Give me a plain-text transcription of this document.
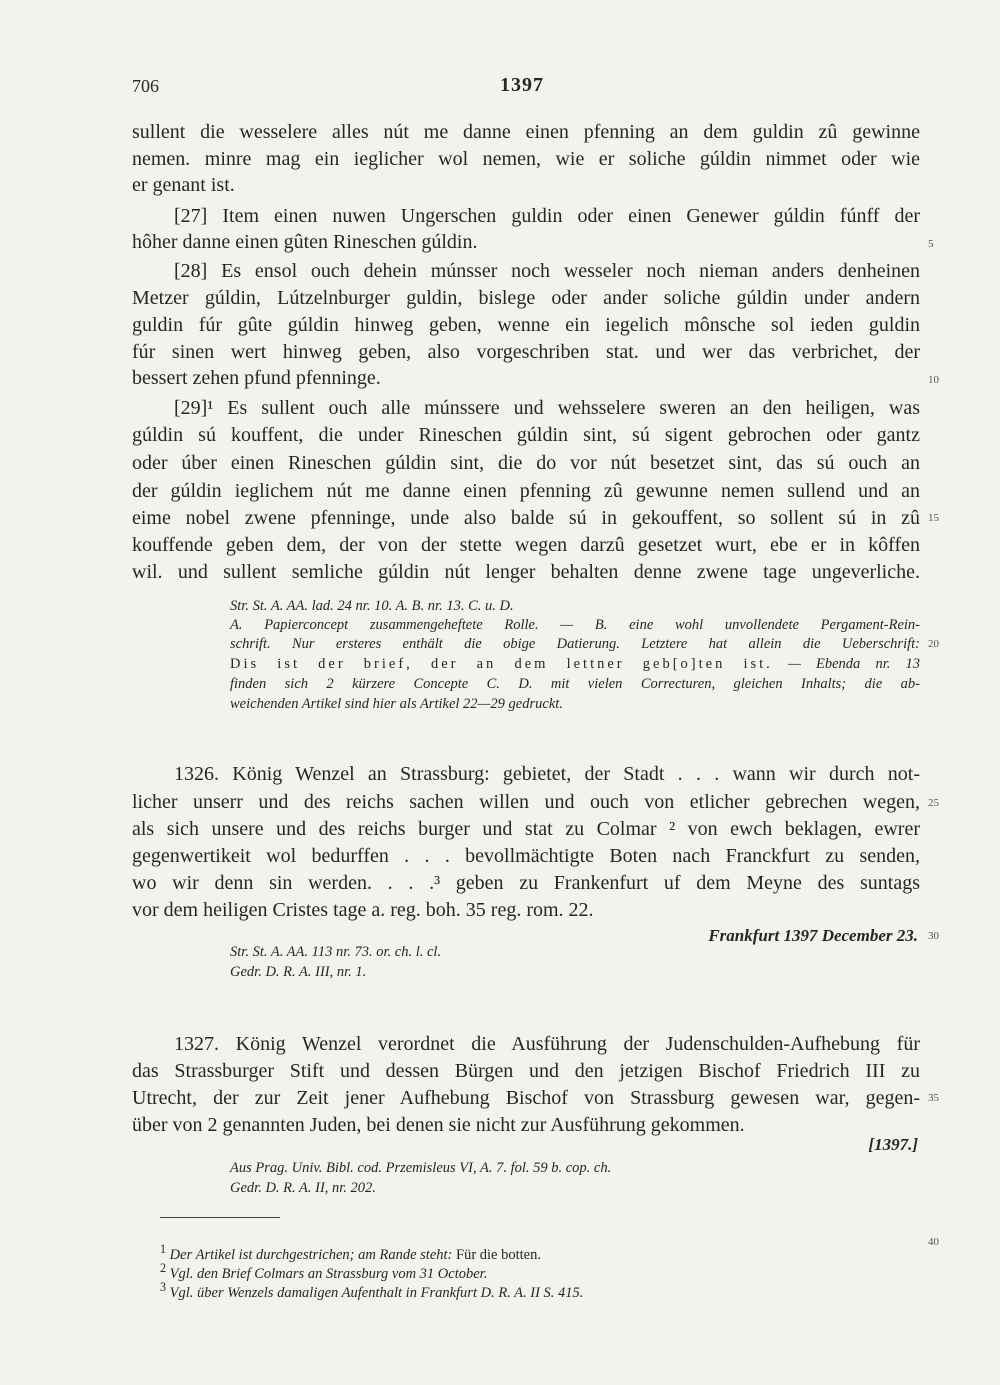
706	1397
sullent die wesselere alles nút me danne einen pfenning an dem guldin zû gewinne
nemen. minre mag ein ieglicher wol nemen, wie er soliche gúldin nimmet oder wie
er genant ist.
[27] Item einen nuwen Ungerschen guldin oder einen Genewer gúldin fúnff der
hôher danne einen gûten Rineschen gúldin.
[28] Es ensol ouch dehein múnsser noch wesseler noch nieman anders denheinen
Metzer gúldin, Lútzelnburger guldin, bislege oder ander soliche gúldin under andern
guldin fúr gûte gúldin hinweg geben, wenne ein iegelich mônsche sol ieden guldin
fúr sinen wert hinweg geben, also vorgeschriben stat. und wer das verbrichet, der
bessert zehen pfund pfenninge.
[29]¹ Es sullent ouch alle múnssere und wehsselere sweren an den heiligen, was
gúldin sú kouffent, die under Rineschen gúldin sint, sú sigent gebrochen oder gantz
oder úber einen Rineschen gúldin sint, die do vor nút besetzet sint, das sú ouch an
der gúldin ieglichem nút me danne einen pfenning zû gewunne nemen sullend und an
eime nobel zwene pfenninge, unde also balde sú in gekouffent, so sollent sú in zû
kouffende geben dem, der von der stette wegen darzû gesetzet wurt, ebe er in kôffen
wil. und sullent semliche gúldin nút lenger behalten denne zwene tage ungeverliche.
Str. St. A. AA. lad. 24 nr. 10. A. B. nr. 13. C. u. D.
A. Papierconcept zusammengeheftete Rolle. — B. eine wohl unvollendete Pergament-Rein-
schrift. Nur ersteres enthält die obige Datierung. Letztere hat allein die Ueberschrift:
Dis ist der brief, der an dem lettner geb[o]ten ist. — Ebenda nr. 13
finden sich 2 kürzere Concepte C. D. mit vielen Correcturen, gleichen Inhalts; die ab-
weichenden Artikel sind hier als Artikel 22—29 gedruckt.
1326. König Wenzel an Strassburg: gebietet, der Stadt . . . wann wir durch not-
licher unserr und des reichs sachen willen und ouch von etlicher gebrechen wegen,
als sich unsere und des reichs burger und stat zu Colmar ² von ewch beklagen, ewrer
gegenwertikeit wol bedurffen . . . bevollmächtigte Boten nach Franckfurt zu senden,
wo wir denn sin werden. . . .³ geben zu Frankenfurt uf dem Meyne des suntags
vor dem heiligen Cristes tage a. reg. boh. 35 reg. rom. 22.
Frankfurt 1397 December 23.
Str. St. A. AA. 113 nr. 73. or. ch. l. cl.
Gedr. D. R. A. III, nr. 1.
1327. König Wenzel verordnet die Ausführung der Judenschulden-Aufhebung für
das Strassburger Stift und dessen Bürgen und den jetzigen Bischof Friedrich III zu
Utrecht, der zur Zeit jener Aufhebung Bischof von Strassburg gewesen war, gegen-
über von 2 genannten Juden, bei denen sie nicht zur Ausführung gekommen.
[1397.]
Aus Prag. Univ. Bibl. cod. Przemisleus VI, A. 7. fol. 59 b. cop. ch.
Gedr. D. R. A. II, nr. 202.
$^1$ Der Artikel ist durchgestrichen; am Rande steht: Für die botten.
$^2$ Vgl. den Brief Colmars an Strassburg vom 31 October.
$^3$ Vgl. über Wenzels damaligen Aufenthalt in Frankfurt D. R. A. II S. 415.
5
10
15
20
25
30
35
40
